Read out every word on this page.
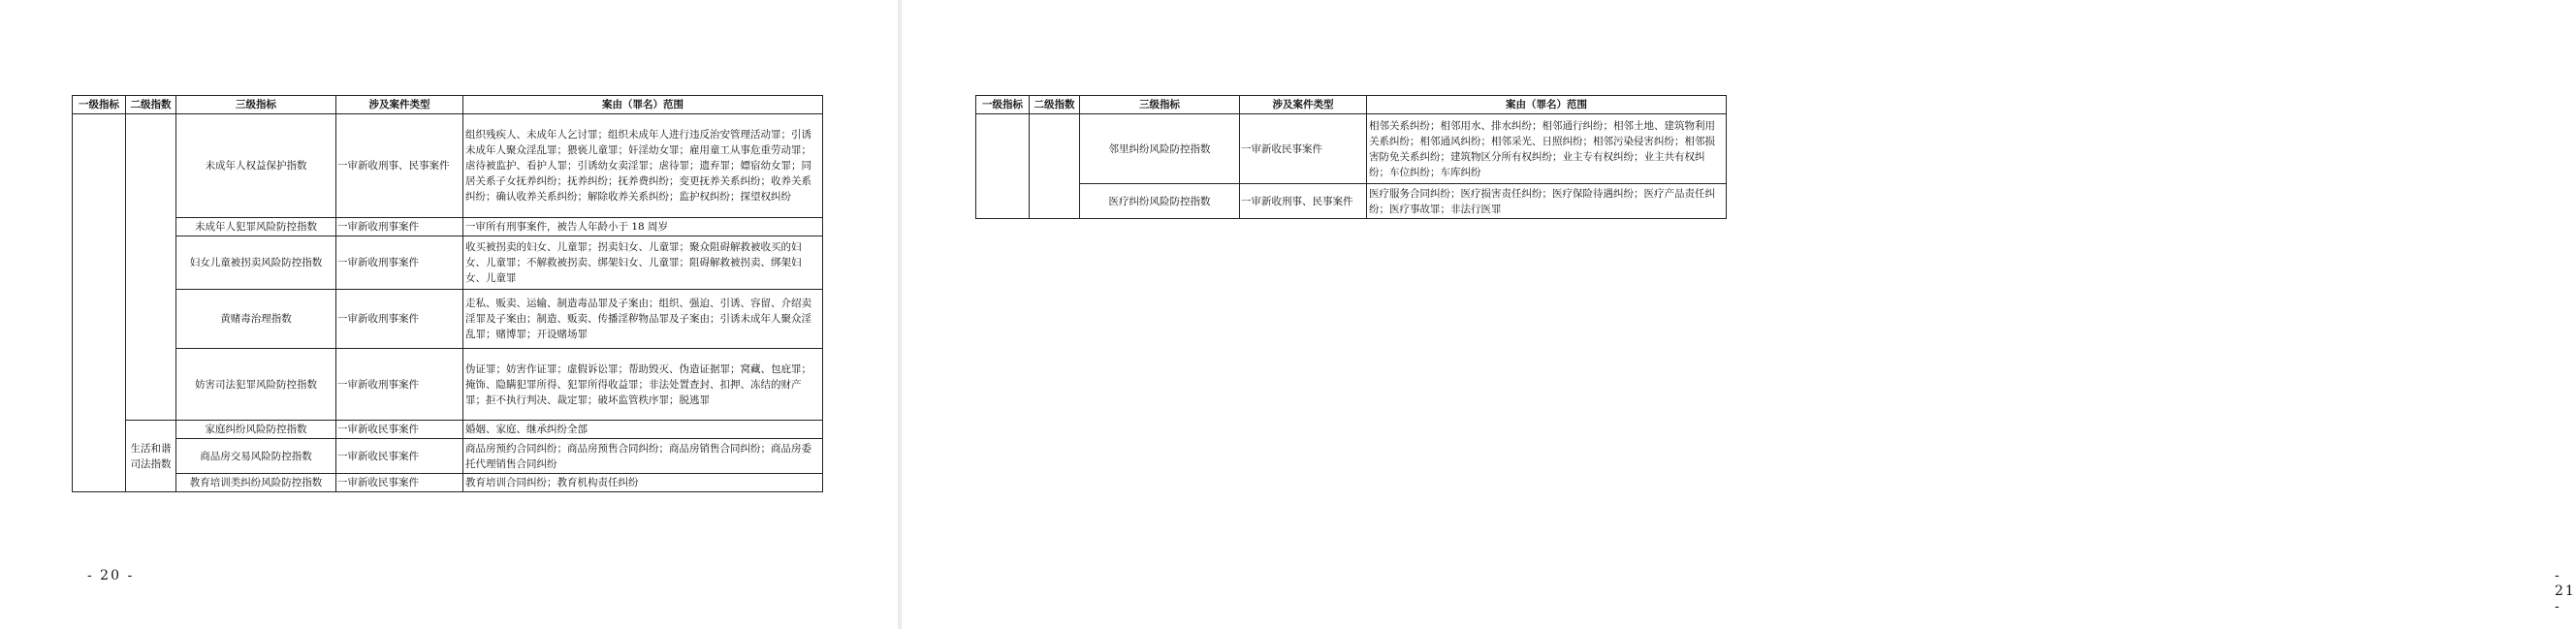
一级指标	二级指数	三级指标	涉及案件类型	案由（罪名）范围
		未成年人权益保护指数	一审新收刑事、民事案件	组织残疾人、未成年人乞讨罪；组织未成年人进行违反治安管理活动罪；引诱未成年人聚众淫乱罪；猥亵儿童罪；奸淫幼女罪；雇用童工从事危重劳动罪；虐待被监护、看护人罪；引诱幼女卖淫罪；虐待罪；遗弃罪；嫖宿幼女罪；同居关系子女抚养纠纷；抚养纠纷；抚养费纠纷；变更抚养关系纠纷；收养关系纠纷；确认收养关系纠纷；解除收养关系纠纷；监护权纠纷；探望权纠纷
		未成年人犯罪风险防控指数	一审新收刑事案件	一审所有刑事案件，被告人年龄小于 18 周岁
		妇女儿童被拐卖风险防控指数	一审新收刑事案件	收买被拐卖的妇女、儿童罪；拐卖妇女、儿童罪；聚众阻碍解救被收买的妇女、儿童罪；不解救被拐卖、绑架妇女、儿童罪；阻碍解救被拐卖、绑架妇女、儿童罪
		黄赌毒治理指数	一审新收刑事案件	走私、贩卖、运输、制造毒品罪及子案由；组织、强迫、引诱、容留、介绍卖淫罪及子案由；制造、贩卖、传播淫秽物品罪及子案由；引诱未成年人聚众淫乱罪；赌博罪；开设赌场罪
		妨害司法犯罪风险防控指数	一审新收刑事案件	伪证罪；妨害作证罪；虚假诉讼罪；帮助毁灭、伪造证据罪；窝藏、包庇罪；掩饰、隐瞒犯罪所得、犯罪所得收益罪；非法处置查封、扣押、冻结的财产罪；拒不执行判决、裁定罪；破坏监管秩序罪；脱逃罪
	生活和谐司法指数	家庭纠纷风险防控指数	一审新收民事案件	婚姻、家庭、继承纠纷全部
		商品房交易风险防控指数	一审新收民事案件	商品房预约合同纠纷；商品房预售合同纠纷；商品房销售合同纠纷；商品房委托代理销售合同纠纷
		教育培训类纠纷风险防控指数	一审新收民事案件	教育培训合同纠纷；教育机构责任纠纷
- 20 -
一级指标	二级指数	三级指标	涉及案件类型	案由（罪名）范围
		邻里纠纷风险防控指数	一审新收民事案件	相邻关系纠纷；相邻用水、排水纠纷；相邻通行纠纷；相邻土地、建筑物利用关系纠纷；相邻通风纠纷；相邻采光、日照纠纷；相邻污染侵害纠纷；相邻损害防免关系纠纷；建筑物区分所有权纠纷；业主专有权纠纷；业主共有权纠纷；车位纠纷；车库纠纷
		医疗纠纷风险防控指数	一审新收刑事、民事案件	医疗服务合同纠纷；医疗损害责任纠纷；医疗保险待遇纠纷；医疗产品责任纠纷；医疗事故罪；非法行医罪
- 21 -
